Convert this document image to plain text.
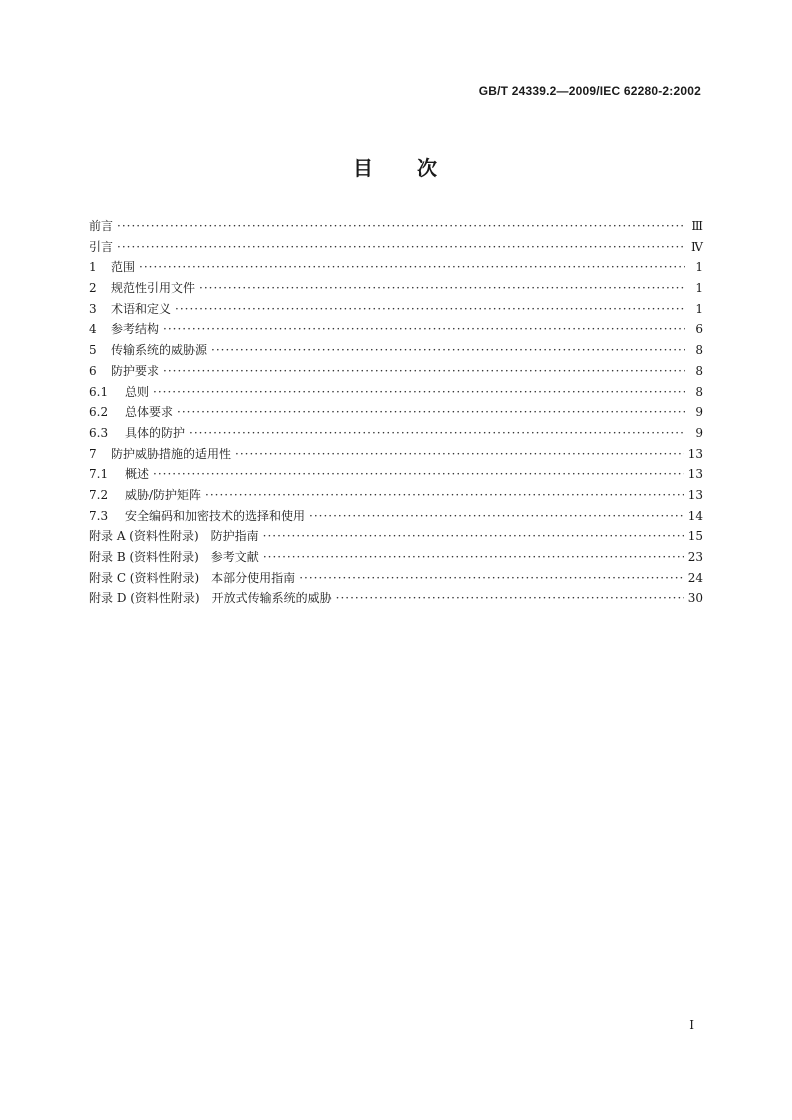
GB/T 24339.2—2009/IEC 62280-2:2002
目 次
前言 ·····	Ⅲ
引言 ·····	Ⅳ
1 范围 ·····	1
2 规范性引用文件 ·····	1
3 术语和定义 ·····	1
4 参考结构 ·····	6
5 传输系统的威胁源 ·····	8
6 防护要求 ·····	8
6.1 总则 ·····	8
6.2 总体要求 ·····	9
6.3 具体的防护 ·····	9
7 防护威胁措施的适用性 ·····	13
7.1 概述 ·····	13
7.2 威胁/防护矩阵 ·····	13
7.3 安全编码和加密技术的选择和使用 ·····	14
附录 A (资料性附录)　防护指南 ·····	15
附录 B (资料性附录)　参考文献 ·····	23
附录 C (资料性附录)　本部分使用指南 ·····	24
附录 D (资料性附录)　开放式传输系统的威胁 ·····	30
I
